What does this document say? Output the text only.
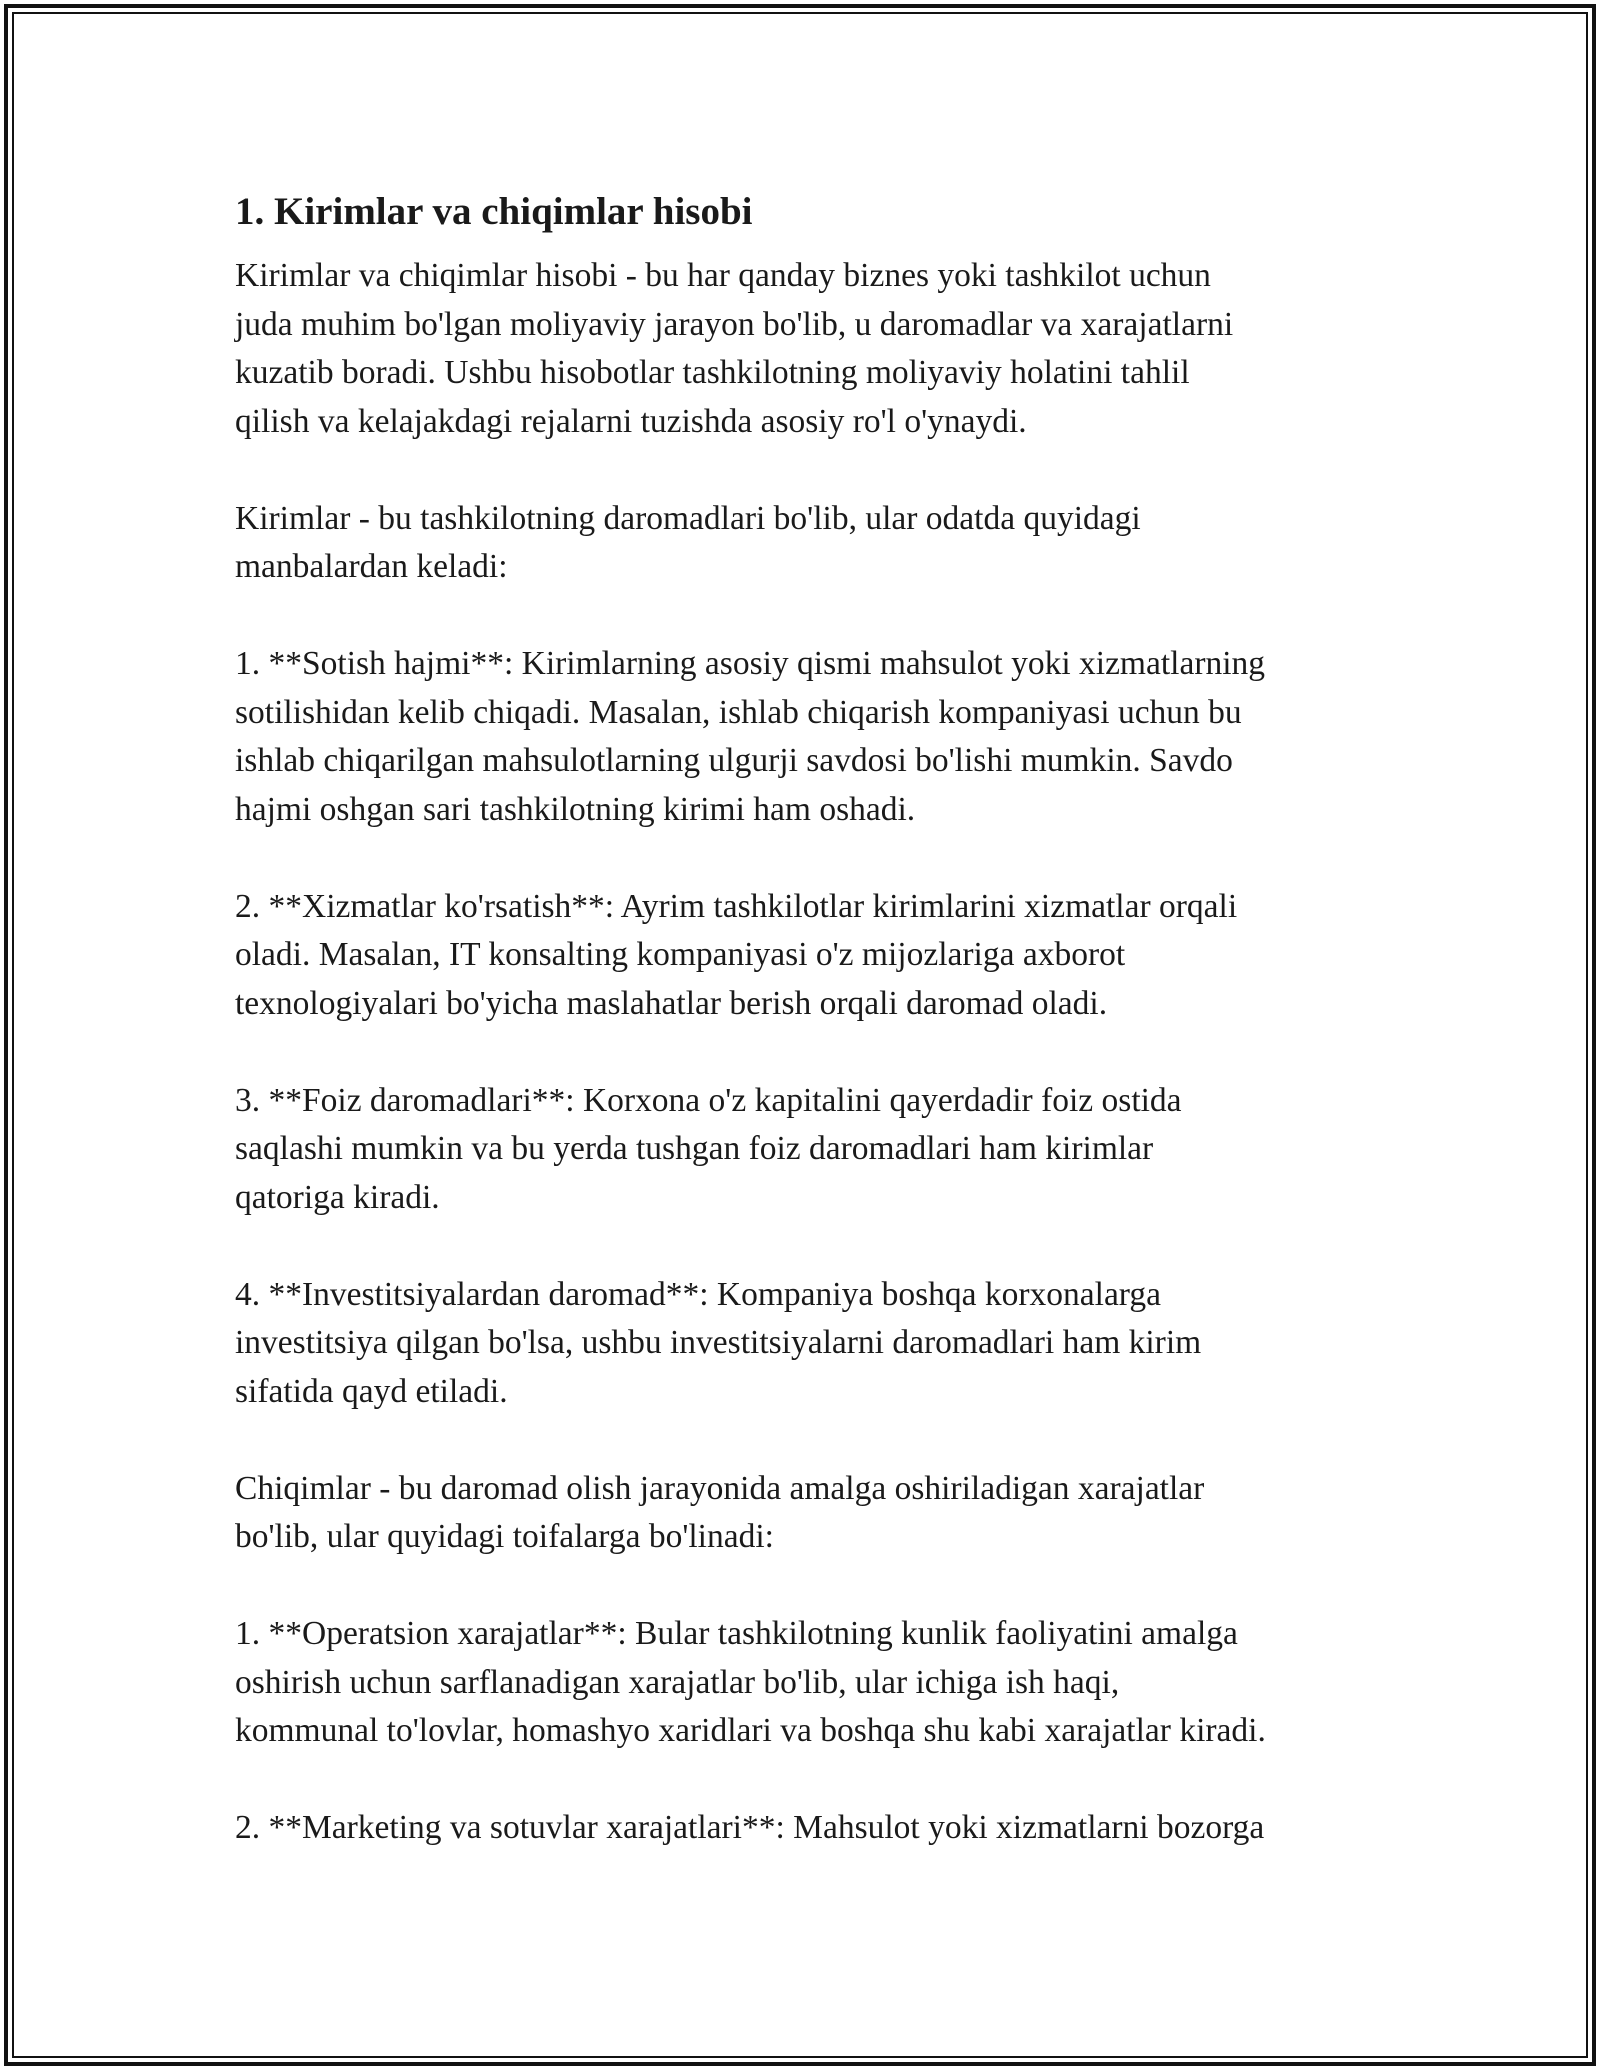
1. Kirimlar va chiqimlar hisobi

Kirimlar va chiqimlar hisobi - bu har qanday biznes yoki tashkilot uchun
juda muhim bo'lgan moliyaviy jarayon bo'lib, u daromadlar va xarajatlarni
kuzatib boradi. Ushbu hisobotlar tashkilotning moliyaviy holatini tahlil
qilish va kelajakdagi rejalarni tuzishda asosiy ro'l o'ynaydi.

Kirimlar - bu tashkilotning daromadlari bo'lib, ular odatda quyidagi
manbalardan keladi:

1. **Sotish hajmi**: Kirimlarning asosiy qismi mahsulot yoki xizmatlarning
sotilishidan kelib chiqadi. Masalan, ishlab chiqarish kompaniyasi uchun bu
ishlab chiqarilgan mahsulotlarning ulgurji savdosi bo'lishi mumkin. Savdo
hajmi oshgan sari tashkilotning kirimi ham oshadi.

2. **Xizmatlar ko'rsatish**: Ayrim tashkilotlar kirimlarini xizmatlar orqali
oladi. Masalan, IT konsalting kompaniyasi o'z mijozlariga axborot
texnologiyalari bo'yicha maslahatlar berish orqali daromad oladi.

3. **Foiz daromadlari**: Korxona o'z kapitalini qayerdadir foiz ostida
saqlashi mumkin va bu yerda tushgan foiz daromadlari ham kirimlar
qatoriga kiradi.

4. **Investitsiyalardan daromad**: Kompaniya boshqa korxonalarga
investitsiya qilgan bo'lsa, ushbu investitsiyalarni daromadlari ham kirim
sifatida qayd etiladi.

Chiqimlar - bu daromad olish jarayonida amalga oshiriladigan xarajatlar
bo'lib, ular quyidagi toifalarga bo'linadi:

1. **Operatsion xarajatlar**: Bular tashkilotning kunlik faoliyatini amalga
oshirish uchun sarflanadigan xarajatlar bo'lib, ular ichiga ish haqi,
kommunal to'lovlar, homashyo xaridlari va boshqa shu kabi xarajatlar kiradi.

2. **Marketing va sotuvlar xarajatlari**: Mahsulot yoki xizmatlarni bozorga
